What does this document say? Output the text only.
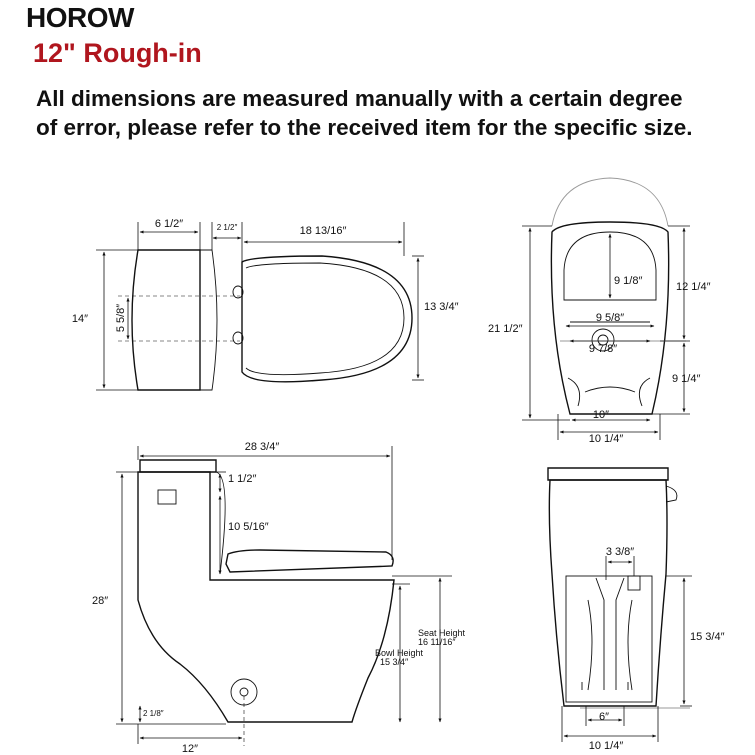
HOROW
12" Rough-in
All dimensions are measured manually with a certain degree
of error, please refer to the received item for the specific size.
6 1/2″	2 1/2″	18 13/16″
14″ 5 5/8″	13 3/4″
9 1/8″
9 5/8″
9 7/8″
21 1/2″
12 1/4″
9 1/4″
10″
10 1/4″
28 3/4″
28″
1 1/2″
10 5/16″
Seat Height
16 11/16″
Bowl Height
15 3/4″
2 1/8″
12″
3 3/8″
15 3/4″
6″
10 1/4″
